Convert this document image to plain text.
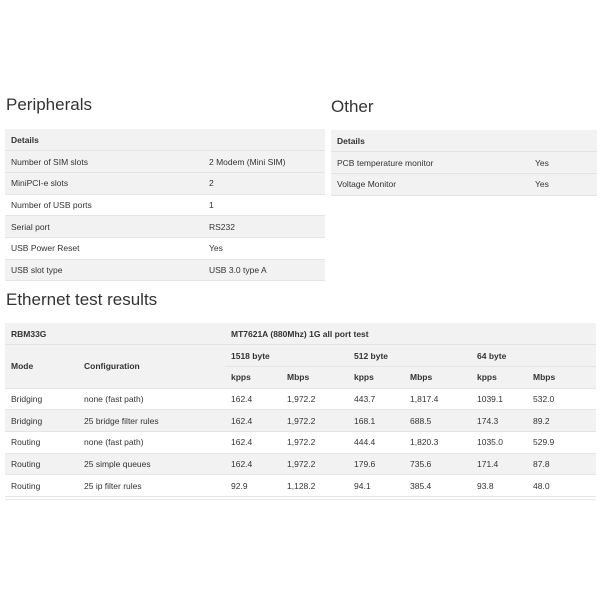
Peripherals
Details	
Number of SIM slots	2 Modem (Mini SIM)
MiniPCI-e slots	2
Number of USB ports	1
Serial port	RS232
USB Power Reset	Yes
USB slot type	USB 3.0 type A
Other
Details	
PCB temperature monitor	Yes
Voltage Monitor	Yes
Ethernet test results
RBM33G		MT7621A (880Mhz) 1G all port test					
Mode	Configuration	1518 byte		512 byte		64 byte	
		kpps	Mbps	kpps	Mbps	kpps	Mbps
Bridging	none (fast path)	162.4	1,972.2	443.7	1,817.4	1039.1	532.0
Bridging	25 bridge filter rules	162.4	1,972.2	168.1	688.5	174.3	89.2
Routing	none (fast path)	162.4	1,972.2	444.4	1,820.3	1035.0	529.9
Routing	25 simple queues	162.4	1,972.2	179.6	735.6	171.4	87.8
Routing	25 ip filter rules	92.9	1,128.2	94.1	385.4	93.8	48.0
